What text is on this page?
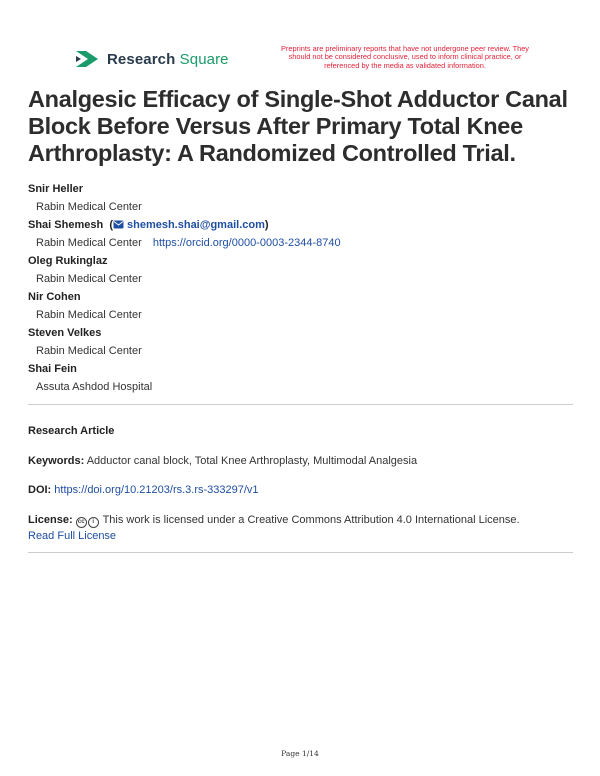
Research Square
Preprints are preliminary reports that have not undergone peer review. They should not be considered conclusive, used to inform clinical practice, or referenced by the media as validated information.
Analgesic Efficacy of Single-Shot Adductor Canal Block Before Versus After Primary Total Knee Arthroplasty: A Randomized Controlled Trial.
Snir Heller
Rabin Medical Center
Shai Shemesh  ( shemesh.shai@gmail.com)
Rabin Medical Center https://orcid.org/0000-0003-2344-8740
Oleg Rukinglaz
Rabin Medical Center
Nir Cohen
Rabin Medical Center
Steven Velkes
Rabin Medical Center
Shai Fein
Assuta Ashdod Hospital
Research Article
Keywords: Adductor canal block, Total Knee Arthroplasty, Multimodal Analgesia
DOI: https://doi.org/10.21203/rs.3.rs-333297/v1
License: cc i This work is licensed under a Creative Commons Attribution 4.0 International License.
Read Full License
Page 1/14
